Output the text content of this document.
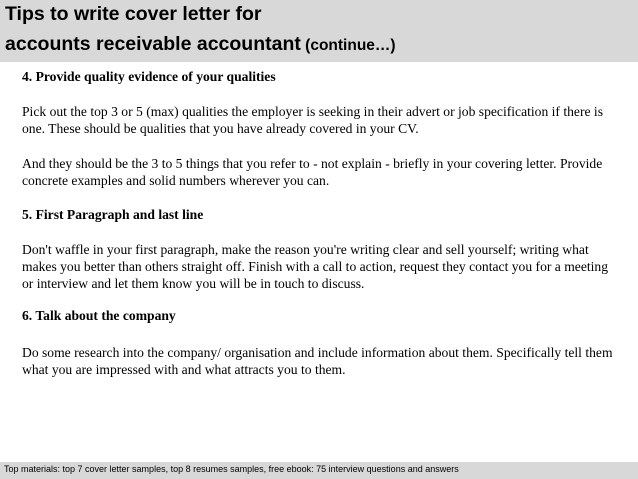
Tips to write cover letter for
accounts receivable accountant (continue…)
4. Provide quality evidence of your qualities
Pick out the top 3 or 5 (max) qualities the employer is seeking in their advert or job specification if there is one. These should be qualities that you have already covered in your CV.
And they should be the 3 to 5 things that you refer to - not explain - briefly in your covering letter. Provide concrete examples and solid numbers wherever you can.
5. First Paragraph and last line
Don't waffle in your first paragraph, make the reason you're writing clear and sell yourself; writing what makes you better than others straight off. Finish with a call to action, request they contact you for a meeting or interview and let them know you will be in touch to discuss.
6. Talk about the company
Do some research into the company/ organisation and include information about them. Specifically tell them what you are impressed with and what attracts you to them.
Top materials: top 7 cover letter samples, top 8 resumes samples, free ebook: 75 interview questions and answers
